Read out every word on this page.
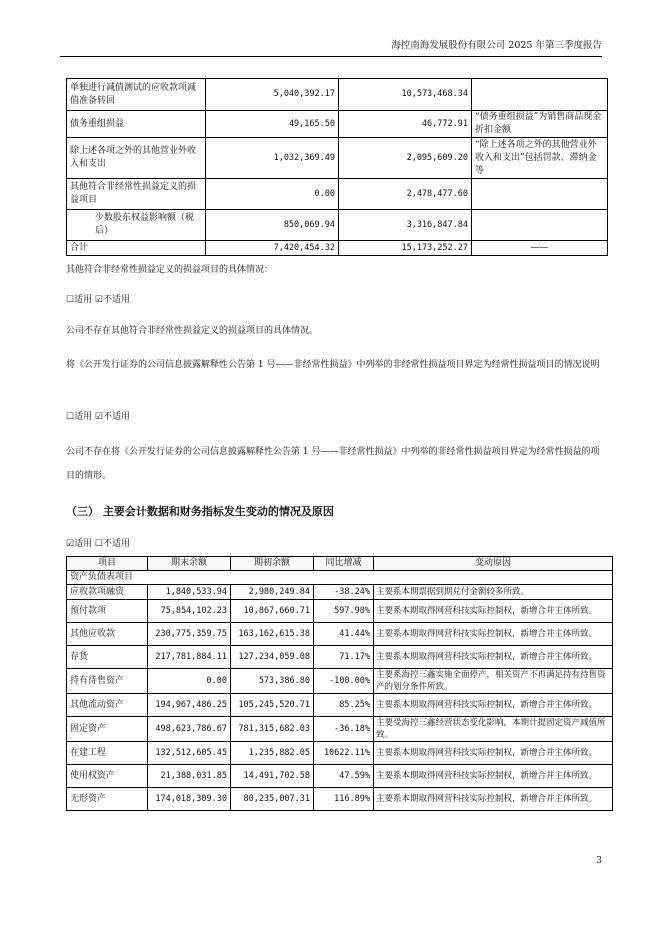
海控南海发展股份有限公司 2025 年第三季度报告
单独进行减值测试的应收款项减值准备转回	5,040,392.17	10,573,468.34	
债务重组损益	49,165.50	46,772.91	“债务重组损益”为销售商品现金折扣金额
除上述各项之外的其他营业外收入和支出	1,032,369.49	2,095,609.20	“除上述各项之外的其他营业外收入和支出”包括罚款、滞纳金等
其他符合非经常性损益定义的损益项目	0.00	2,478,477.60	
少数股东权益影响额（税后）	850,069.94	3,316,847.84	
合计	7,420,454.32	15,173,252.27	——
其他符合非经常性损益定义的损益项目的具体情况：
☐适用 ☑不适用
公司不存在其他符合非经常性损益定义的损益项目的具体情况。
将《公开发行证券的公司信息披露解释性公告第 1 号——非经常性损益》中列举的非经常性损益项目界定为经常性损益项目的情况说明
☐适用 ☑不适用
公司不存在将《公开发行证券的公司信息披露解释性公告第 1 号——非经常性损益》中列举的非经常性损益项目界定为经常性损益的项目的情形。
（三） 主要会计数据和财务指标发生变动的情况及原因
☑适用 ☐不适用
项目	期末余额	期初余额	同比增减	变动原因
资产负债表项目				
应收款项融资	1,840,533.94	2,980,249.84	-38.24%	主要系本期票据到期兑付金额较多所致。
预付款项	75,854,102.23	10,867,660.71	597.98%	主要系本期取得网营科技实际控制权，新增合并主体所致。
其他应收款	230,775,359.75	163,162,615.38	41.44%	主要系本期取得网营科技实际控制权，新增合并主体所致。
存货	217,781,884.11	127,234,059.08	71.17%	主要系本期取得网营科技实际控制权，新增合并主体所致。
持有待售资产	0.00	573,386.80	-100.00%	主要系海控三鑫实施全面停产，相关资产不再满足持有待售资产的划分条件所致。
其他流动资产	194,967,486.25	105,245,520.71	85.25%	主要系本期取得网营科技实际控制权，新增合并主体所致。
固定资产	498,623,786.67	781,315,682.03	-36.18%	主要受海控三鑫经营状态变化影响，本期计提固定资产减值所致。
在建工程	132,512,605.45	1,235,882.05	10622.11%	主要系本期取得网营科技实际控制权，新增合并主体所致。
使用权资产	21,388,031.85	14,491,702.58	47.59%	主要系本期取得网营科技实际控制权，新增合并主体所致。
无形资产	174,018,309.30	80,235,007.31	116.89%	主要系本期取得网营科技实际控制权，新增合并主体所致。
3
